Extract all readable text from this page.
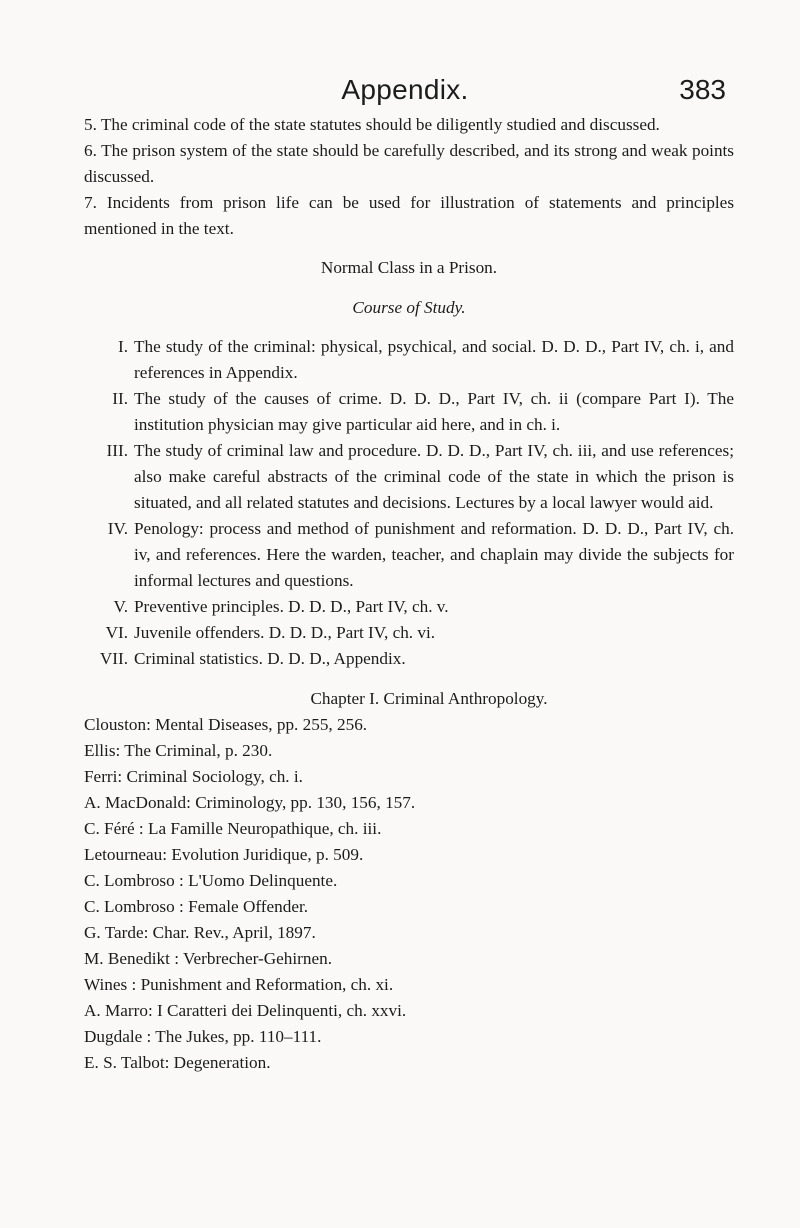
Appendix.	383

5. The criminal code of the state statutes should be diligently studied and discussed.

6. The prison system of the state should be carefully described, and its strong and weak points discussed.

7. Incidents from prison life can be used for illustration of statements and principles mentioned in the text.

Normal Class in a Prison.
Course of Study.
I. The study of the criminal: physical, psychical, and social. D. D. D., Part IV, ch. i, and references in Appendix.
II. The study of the causes of crime. D. D. D., Part IV, ch. ii (compare Part I). The institution physician may give particular aid here, and in ch. i.
III. The study of criminal law and procedure. D. D. D., Part IV, ch. iii, and use references; also make careful abstracts of the criminal code of the state in which the prison is situated, and all related statutes and decisions. Lectures by a local lawyer would aid.
IV. Penology: process and method of punishment and reformation. D. D. D., Part IV, ch. iv, and references. Here the warden, teacher, and chaplain may divide the subjects for informal lectures and questions.
V. Preventive principles. D. D. D., Part IV, ch. v.
VI. Juvenile offenders. D. D. D., Part IV, ch. vi.
VII. Criminal statistics. D. D. D., Appendix.
Chapter I. Criminal Anthropology.
Clouston: Mental Diseases, pp. 255, 256.
Ellis: The Criminal, p. 230.
Ferri: Criminal Sociology, ch. i.
A. MacDonald: Criminology, pp. 130, 156, 157.
C. Féré : La Famille Neuropathique, ch. iii.
Letourneau: Evolution Juridique, p. 509.
C. Lombroso : L'Uomo Delinquente.
C. Lombroso : Female Offender.
G. Tarde: Char. Rev., April, 1897.
M. Benedikt : Verbrecher-Gehirnen.
Wines : Punishment and Reformation, ch. xi.
A. Marro: I Caratteri dei Delinquenti, ch. xxvi.
Dugdale : The Jukes, pp. 110–111.
E. S. Talbot: Degeneration.
